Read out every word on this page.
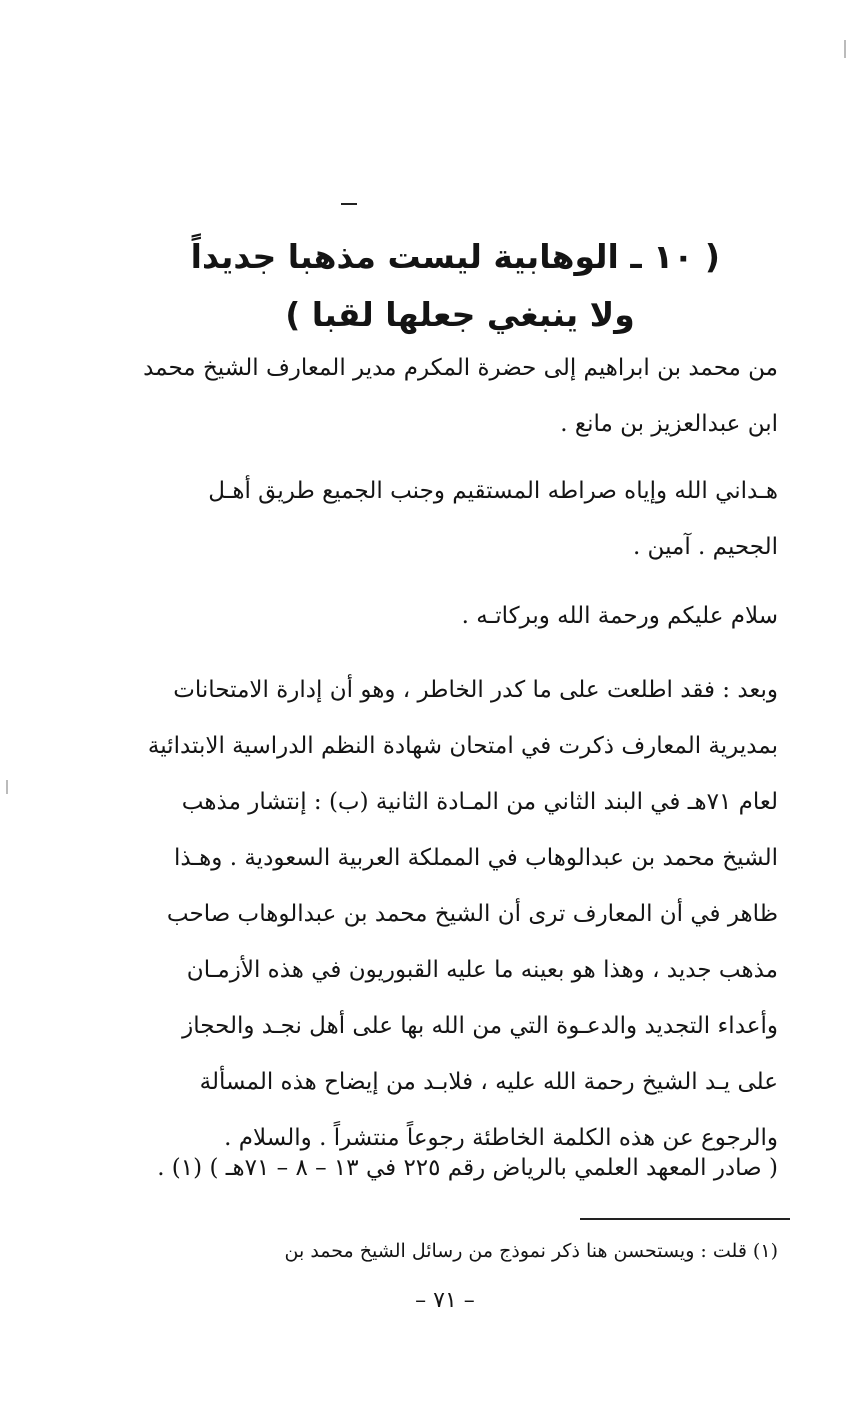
( ١٠ ـ الوهابية ليست مذهبا جديداً
ولا ينبغي جعلها لقبا )
من محمد بن ابراهيم إلى حضرة المكرم مدير المعارف الشيخ محمد
ابن عبدالعزيز بن مانع .
هـداني الله وإياه صراطه المستقيم وجنب الجميع طريق أهـل
الجحيم . آمين .
سلام عليكم ورحمة الله وبركاتـه .
وبعد : فقد اطلعت على ما كدر الخاطر ، وهو أن إدارة الامتحانات
بمديرية المعارف ذكرت في امتحان شهادة النظم الدراسية الابتدائية
لعام ٧١هـ في البند الثاني من المـادة الثانية (ب) : إنتشار مذهب
الشيخ محمد بن عبدالوهاب في المملكة العربية السعودية . وهـذا
ظاهر في أن المعارف ترى أن الشيخ محمد بن عبدالوهاب صاحب
مذهب جديد ، وهذا هو بعينه ما عليه القبوريون في هذه الأزمـان
وأعداء التجديد والدعـوة التي من الله بها على أهل نجـد والحجاز
على يـد الشيخ رحمة الله عليه ، فلابـد من إيضاح هذه المسألة
والرجوع عن هذه الكلمة الخاطئة رجوعاً منتشراً . والسلام .
( صادر المعهد العلمي بالرياض رقم ٢٢٥ في ١٣ – ٨ – ٧١هـ ) (١) .
(١) قلت : ويستحسن هنا ذكر نموذج من رسائل الشيخ محمد بن
– ٧١ –
